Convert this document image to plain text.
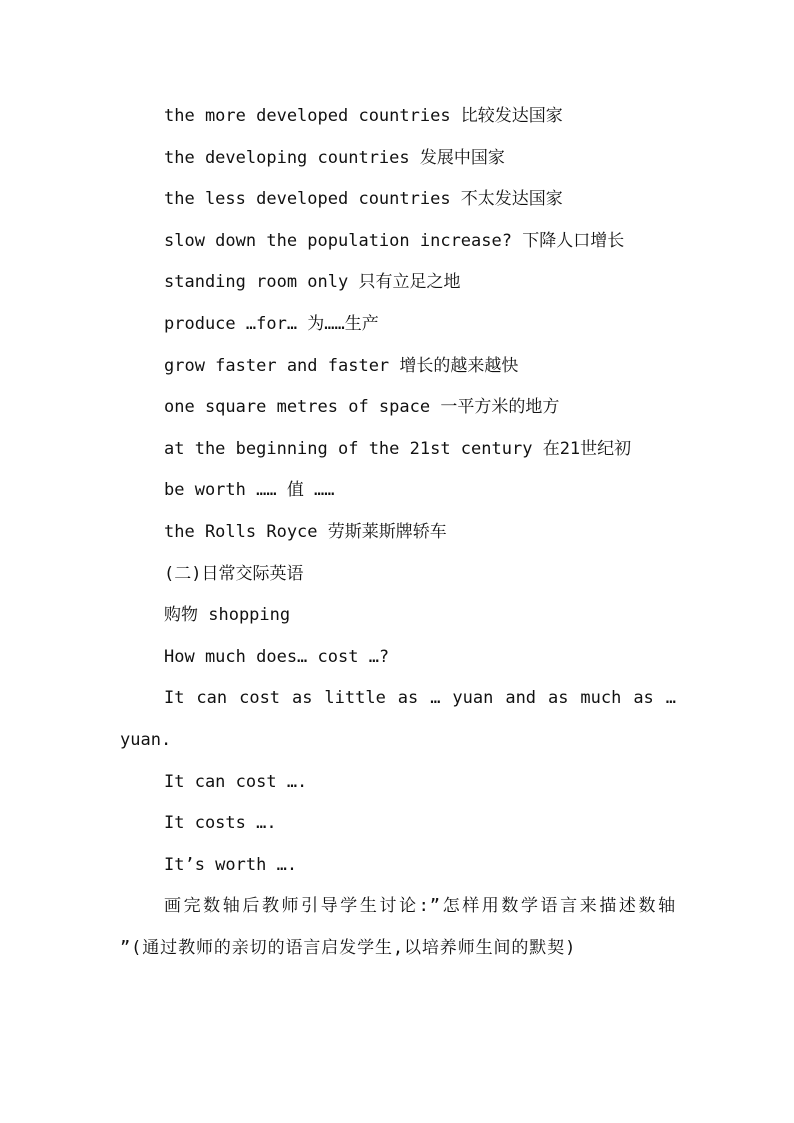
the more developed countries 比较发达国家

the developing countries 发展中国家

the less developed countries 不太发达国家

slow down the population increase? 下降人口增长

standing room only 只有立足之地

produce …for… 为……生产

grow faster and faster 增长的越来越快

one square metres of space 一平方米的地方

at the beginning of the 21st century 在21世纪初

be worth …… 值 ……

the Rolls Royce 劳斯莱斯牌轿车

(二)日常交际英语

购物 shopping

How much does… cost …?

It can cost as little as … yuan and as much as … yuan.

It can cost ….

It costs ….

It’s worth ….

画完数轴后教师引导学生讨论:”怎样用数学语言来描述数轴 ”(通过教师的亲切的语言启发学生,以培养师生间的默契)
